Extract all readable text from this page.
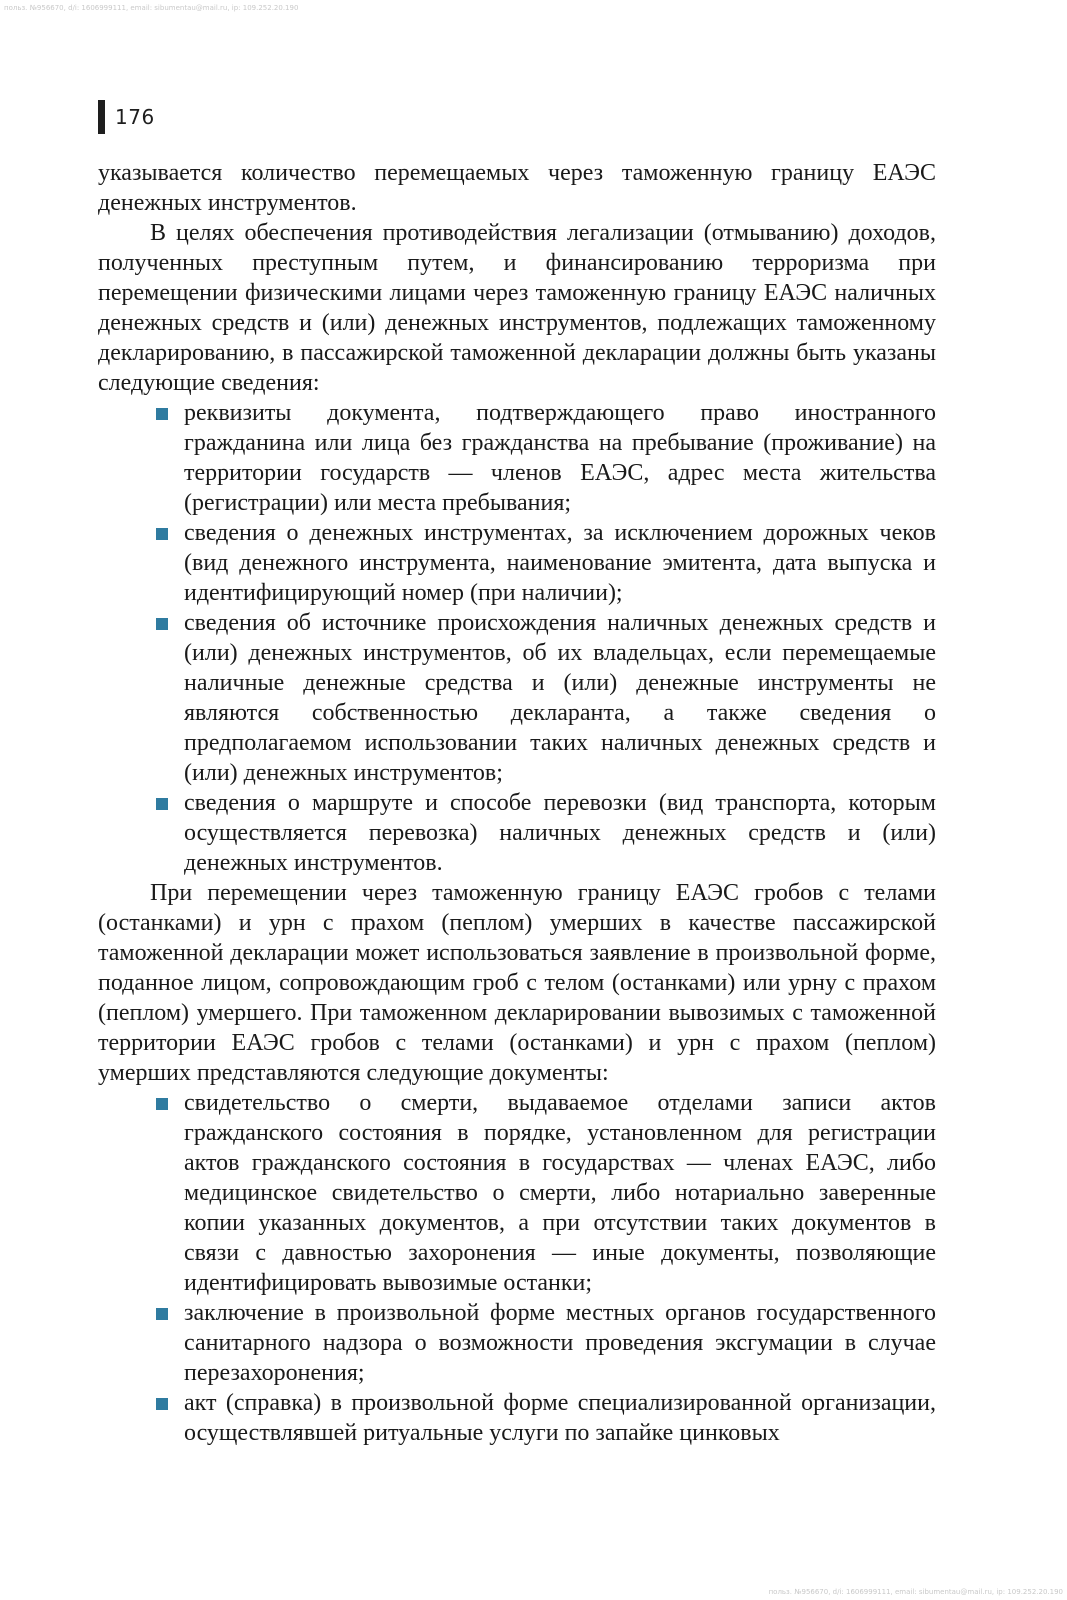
польз. №956670, d/i: 1606999111, email: sibumentau@mail.ru, ip: 109.252.20.190
176

указывается количество перемещаемых через таможенную границу ЕАЭС денежных инструментов.

В целях обеспечения противодействия легализации (отмыванию) доходов, полученных преступным путем, и финансированию терроризма при перемещении физическими лицами через таможенную границу ЕАЭС наличных денежных средств и (или) денежных инструментов, подлежащих таможенному декларированию, в пассажирской таможенной декларации должны быть указаны следующие сведения:

реквизиты документа, подтверждающего право иностранного гражданина или лица без гражданства на пребывание (проживание) на территории государств — членов ЕАЭС, адрес места жительства (регистрации) или места пребывания;
сведения о денежных инструментах, за исключением дорожных чеков (вид денежного инструмента, наименование эмитента, дата выпуска и идентифицирующий номер (при наличии);
сведения об источнике происхождения наличных денежных средств и (или) денежных инструментов, об их владельцах, если перемещаемые наличные денежные средства и (или) денежные инструменты не являются собственностью декларанта, а также сведения о предполагаемом использовании таких наличных денежных средств и (или) денежных инструментов;
сведения о маршруте и способе перевозки (вид транспорта, которым осуществляется перевозка) наличных денежных средств и (или) денежных инструментов.

При перемещении через таможенную границу ЕАЭС гробов с телами (останками) и урн с прахом (пеплом) умерших в качестве пассажирской таможенной декларации может использоваться заявление в произвольной форме, поданное лицом, сопровождающим гроб с телом (останками) или урну с прахом (пеплом) умершего. При таможенном декларировании вывозимых с таможенной территории ЕАЭС гробов с телами (останками) и урн с прахом (пеплом) умерших представляются следующие документы:

свидетельство о смерти, выдаваемое отделами записи актов гражданского состояния в порядке, установленном для регистрации актов гражданского состояния в государствах — членах ЕАЭС, либо медицинское свидетельство о смерти, либо нотариально заверенные копии указанных документов, а при отсутствии таких документов в связи с давностью захоронения — иные документы, позволяющие идентифицировать вывозимые останки;
заключение в произвольной форме местных органов государственного санитарного надзора о возможности проведения эксгумации в случае перезахоронения;
акт (справка) в произвольной форме специализированной организации, осуществлявшей ритуальные услуги по запайке цинковых
польз. №956670, d/i: 1606999111, email: sibumentau@mail.ru, ip: 109.252.20.190
